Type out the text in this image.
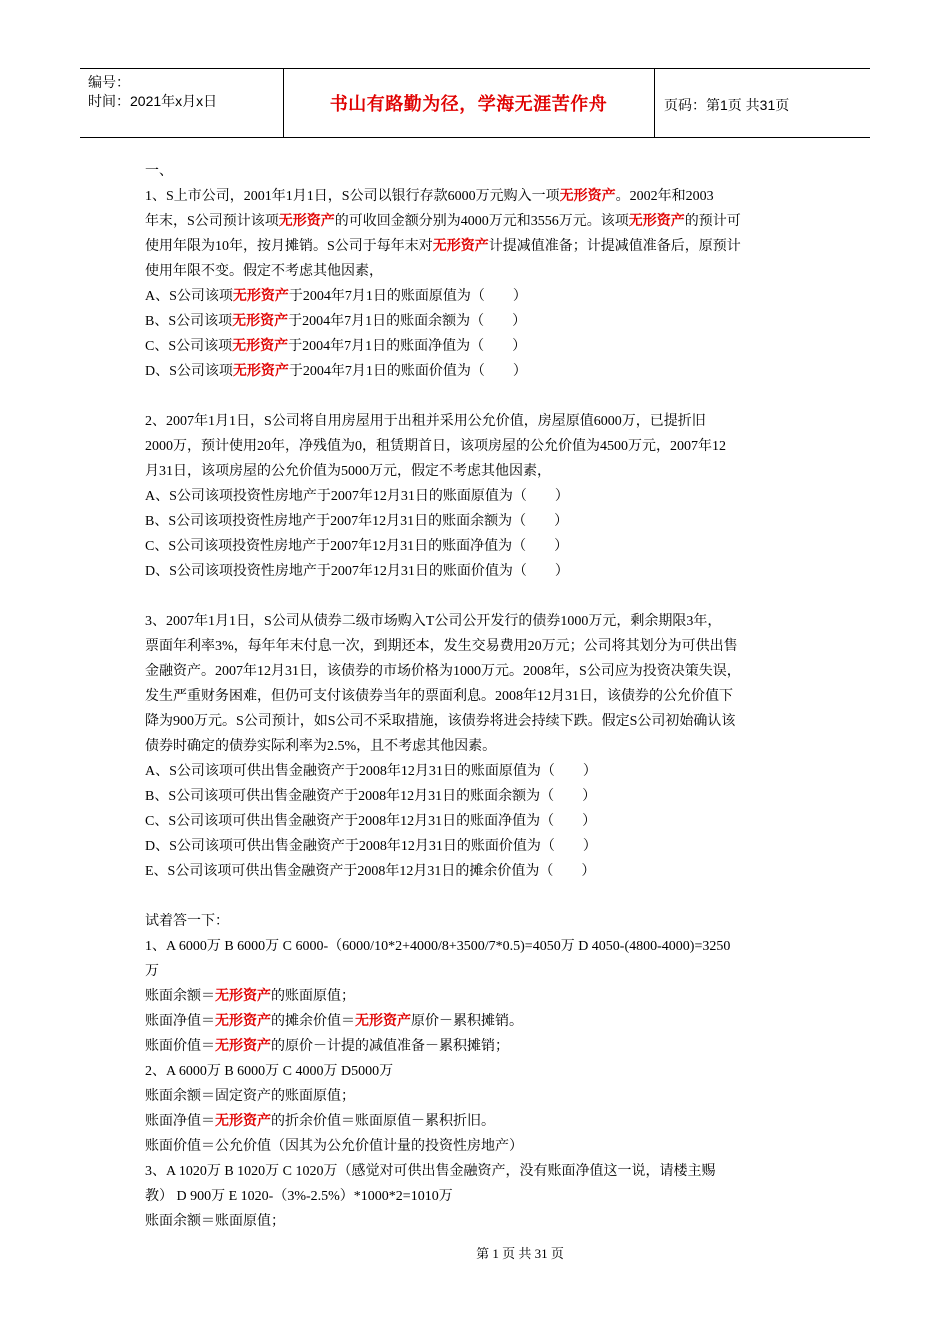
编号：
时间：2021年x月x日	书山有路勤为径，学海无涯苦作舟	页码：第1页 共31页

一、

1、S上市公司，2001年1月1日，S公司以银行存款6000万元购入一项无形资产。2002年和2003

年末，S公司预计该项无形资产的可收回金额分别为4000万元和3556万元。该项无形资产的预计可

使用年限为10年，按月摊销。S公司于每年末对无形资产计提减值准备；计提减值准备后，原预计

使用年限不变。假定不考虑其他因素，

A、S公司该项无形资产于2004年7月1日的账面原值为（　　）

B、S公司该项无形资产于2004年7月1日的账面余额为（　　）

C、S公司该项无形资产于2004年7月1日的账面净值为（　　）

D、S公司该项无形资产于2004年7月1日的账面价值为（　　）

2、2007年1月1日，S公司将自用房屋用于出租并采用公允价值，房屋原值6000万，已提折旧

2000万，预计使用20年，净残值为0，租赁期首日，该项房屋的公允价值为4500万元，2007年12

月31日，该项房屋的公允价值为5000万元，假定不考虑其他因素，

A、S公司该项投资性房地产于2007年12月31日的账面原值为（　　）

B、S公司该项投资性房地产于2007年12月31日的账面余额为（　　）

C、S公司该项投资性房地产于2007年12月31日的账面净值为（　　）

D、S公司该项投资性房地产于2007年12月31日的账面价值为（　　）

3、2007年1月1日，S公司从债券二级市场购入T公司公开发行的债券1000万元，剩余期限3年，

票面年利率3%，每年年末付息一次，到期还本，发生交易费用20万元；公司将其划分为可供出售

金融资产。2007年12月31日，该债券的市场价格为1000万元。2008年，S公司应为投资决策失误，

发生严重财务困难，但仍可支付该债券当年的票面利息。2008年12月31日，该债券的公允价值下

降为900万元。S公司预计，如S公司不采取措施，该债券将进会持续下跌。假定S公司初始确认该

债券时确定的债券实际利率为2.5%，且不考虑其他因素。

A、S公司该项可供出售金融资产于2008年12月31日的账面原值为（　　）

B、S公司该项可供出售金融资产于2008年12月31日的账面余额为（　　）

C、S公司该项可供出售金融资产于2008年12月31日的账面净值为（　　）

D、S公司该项可供出售金融资产于2008年12月31日的账面价值为（　　）

E、S公司该项可供出售金融资产于2008年12月31日的摊余价值为（　　）

试着答一下：

1、A 6000万 B 6000万 C 6000-（6000/10*2+4000/8+3500/7*0.5)=4050万 D 4050-(4800-4000)=3250

万

账面余额＝无形资产的账面原值；

账面净值＝无形资产的摊余价值＝无形资产原价－累积摊销。

账面价值＝无形资产的原价－计提的减值准备－累积摊销；

2、A 6000万 B 6000万 C 4000万 D5000万

账面余额＝固定资产的账面原值；

账面净值＝无形资产的折余价值＝账面原值－累积折旧。

账面价值＝公允价值（因其为公允价值计量的投资性房地产）

3、A 1020万 B 1020万 C 1020万（感觉对可供出售金融资产，没有账面净值这一说，请楼主赐

教） D 900万 E 1020-（3%-2.5%）*1000*2=1010万

账面余额＝账面原值；

第 1 页 共 31 页
